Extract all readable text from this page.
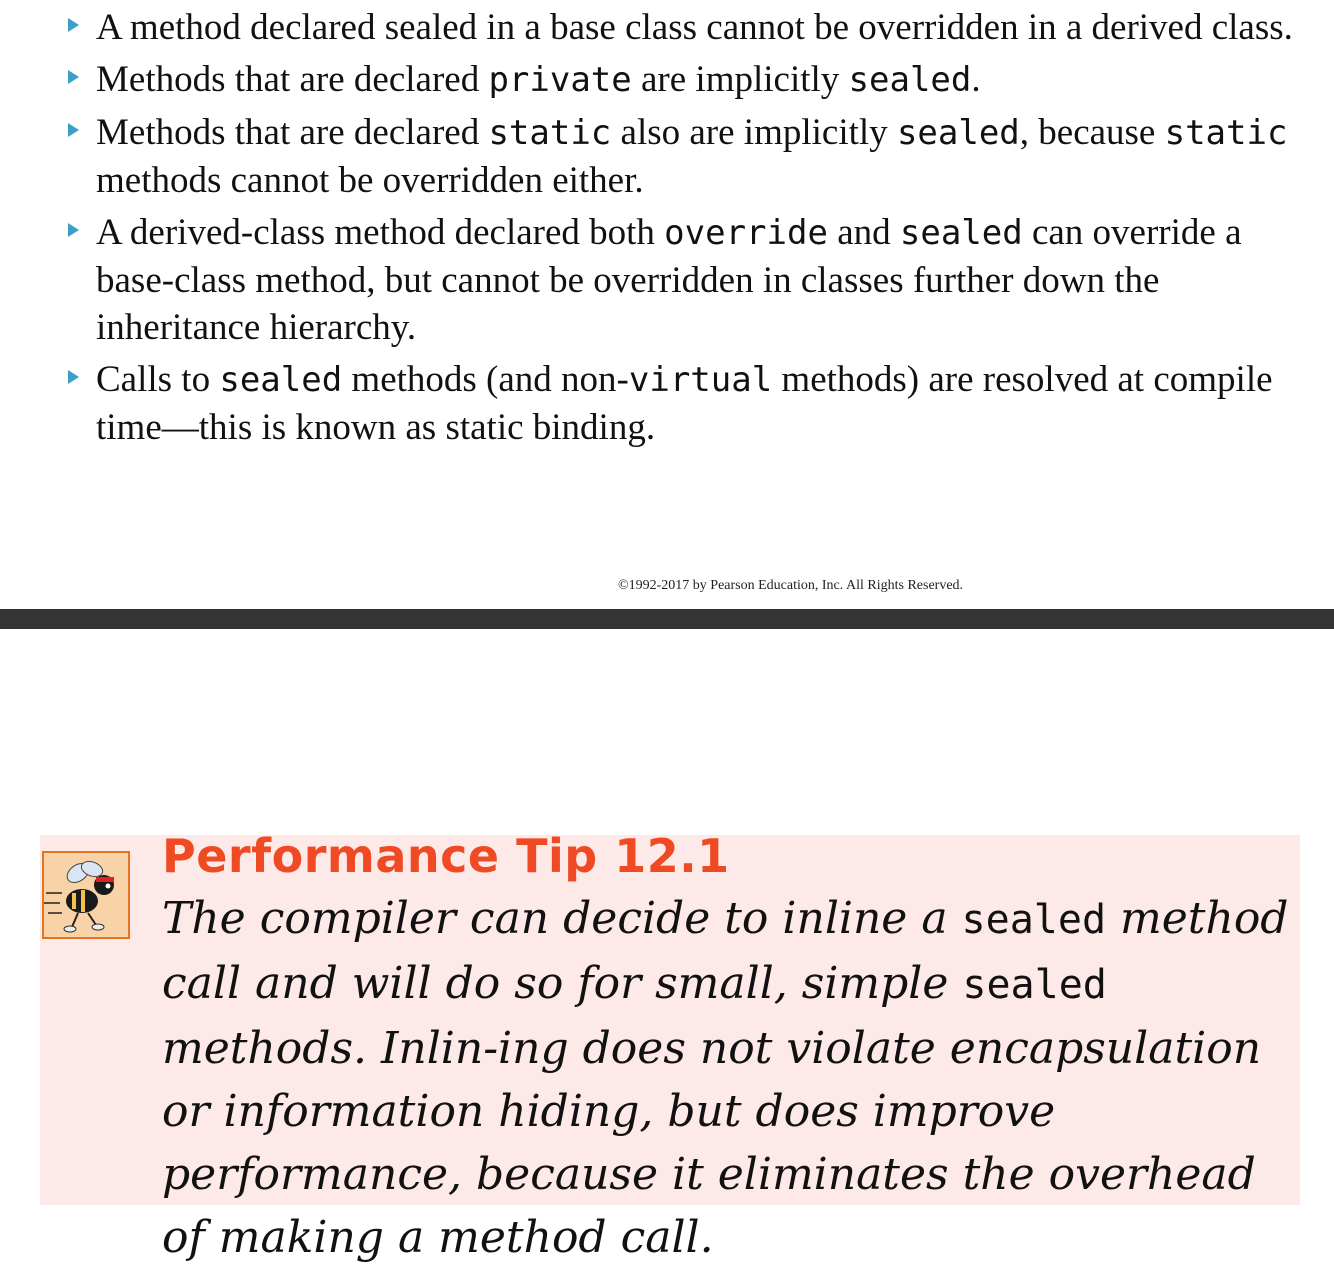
A method declared sealed in a base class cannot be overridden in a derived class.
Methods that are declared private are implicitly sealed.
Methods that are declared static also are implicitly sealed, because static methods cannot be overridden either.
A derived-class method declared both override and sealed can override a base-class method, but cannot be overridden in classes further down the inheritance hierarchy.
Calls to sealed methods (and non-virtual methods) are resolved at compile time—this is known as static binding.
©1992-2017 by Pearson Education, Inc. All Rights Reserved.
Performance Tip 12.1
The compiler can decide to inline a sealed method call and will do so for small, simple sealed methods. Inlin-ing does not violate encapsulation or information hiding, but does improve performance, because it eliminates the overhead of making a method call.
